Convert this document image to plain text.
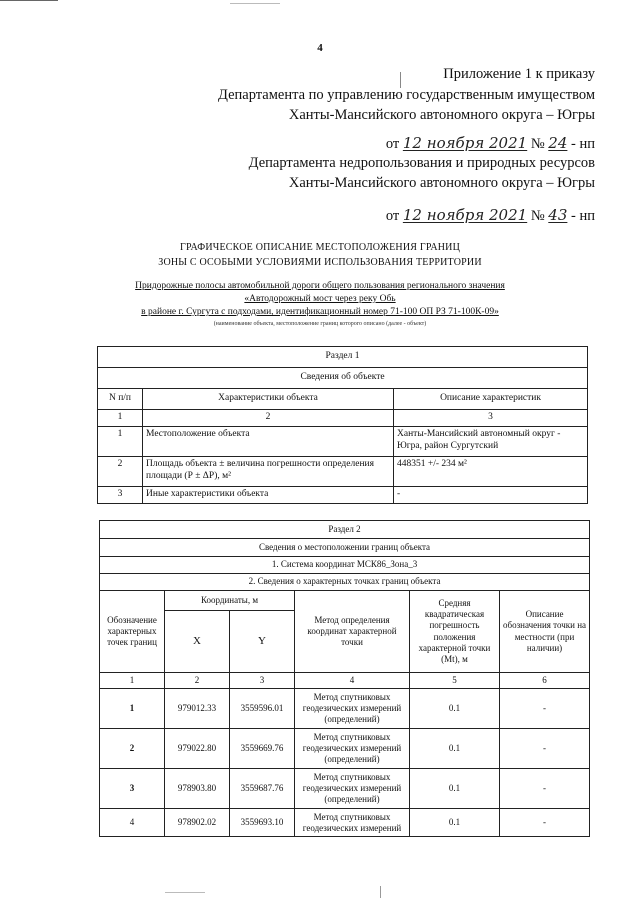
4
Приложение 1 к приказу
Департамента по управлению государственным имуществом
Ханты-Мансийского автономного округа – Югры
от 12 ноября 2021 № 24 - нп
Департамента недропользования и природных ресурсов
Ханты-Мансийского автономного округа – Югры
от 12 ноября 2021 № 43 - нп
ГРАФИЧЕСКОЕ ОПИСАНИЕ МЕСТОПОЛОЖЕНИЯ ГРАНИЦ
ЗОНЫ С ОСОБЫМИ УСЛОВИЯМИ ИСПОЛЬЗОВАНИЯ ТЕРРИТОРИИ
Придорожные полосы автомобильной дороги общего пользования регионального значения
«Автодорожный мост через реку Обь
в районе г. Сургута с подходами, идентификационный номер 71-100 ОП РЗ 71-100К-09»
(наименование объекта, местоположение границ которого описано (далее - объект)
Раздел 1		
Сведения об объекте		
N п/п	Характеристики объекта	Описание характеристик
1	2	3
1	Местоположение объекта	Ханты-Мансийский автономный округ - Югра, район Сургутский
2	Площадь объекта ± величина погрешности определения площади (Р ± ΔР), м²	448351 +/- 234 м²
3	Иные характеристики объекта	-
Раздел 2					
Сведения о местоположении границ объекта					
1. Система координат МСК86_Зона_3					
2. Сведения о характерных точках границ объекта					
Обозначение характерных точек границ	Координаты, м		Метод определения координат характерной точки	Средняя квадратическая погрешность положения характерной точки (Мt), м	Описание обозначения точки на местности (при наличии)
	X	Y			
1	2	3	4	5	6
1	979012.33	3559596.01	Метод спутниковых геодезических измерений (определений)	0.1	-
2	979022.80	3559669.76	Метод спутниковых геодезических измерений (определений)	0.1	-
3	978903.80	3559687.76	Метод спутниковых геодезических измерений (определений)	0.1	-
4	978902.02	3559693.10	Метод спутниковых геодезических измерений	0.1	-
